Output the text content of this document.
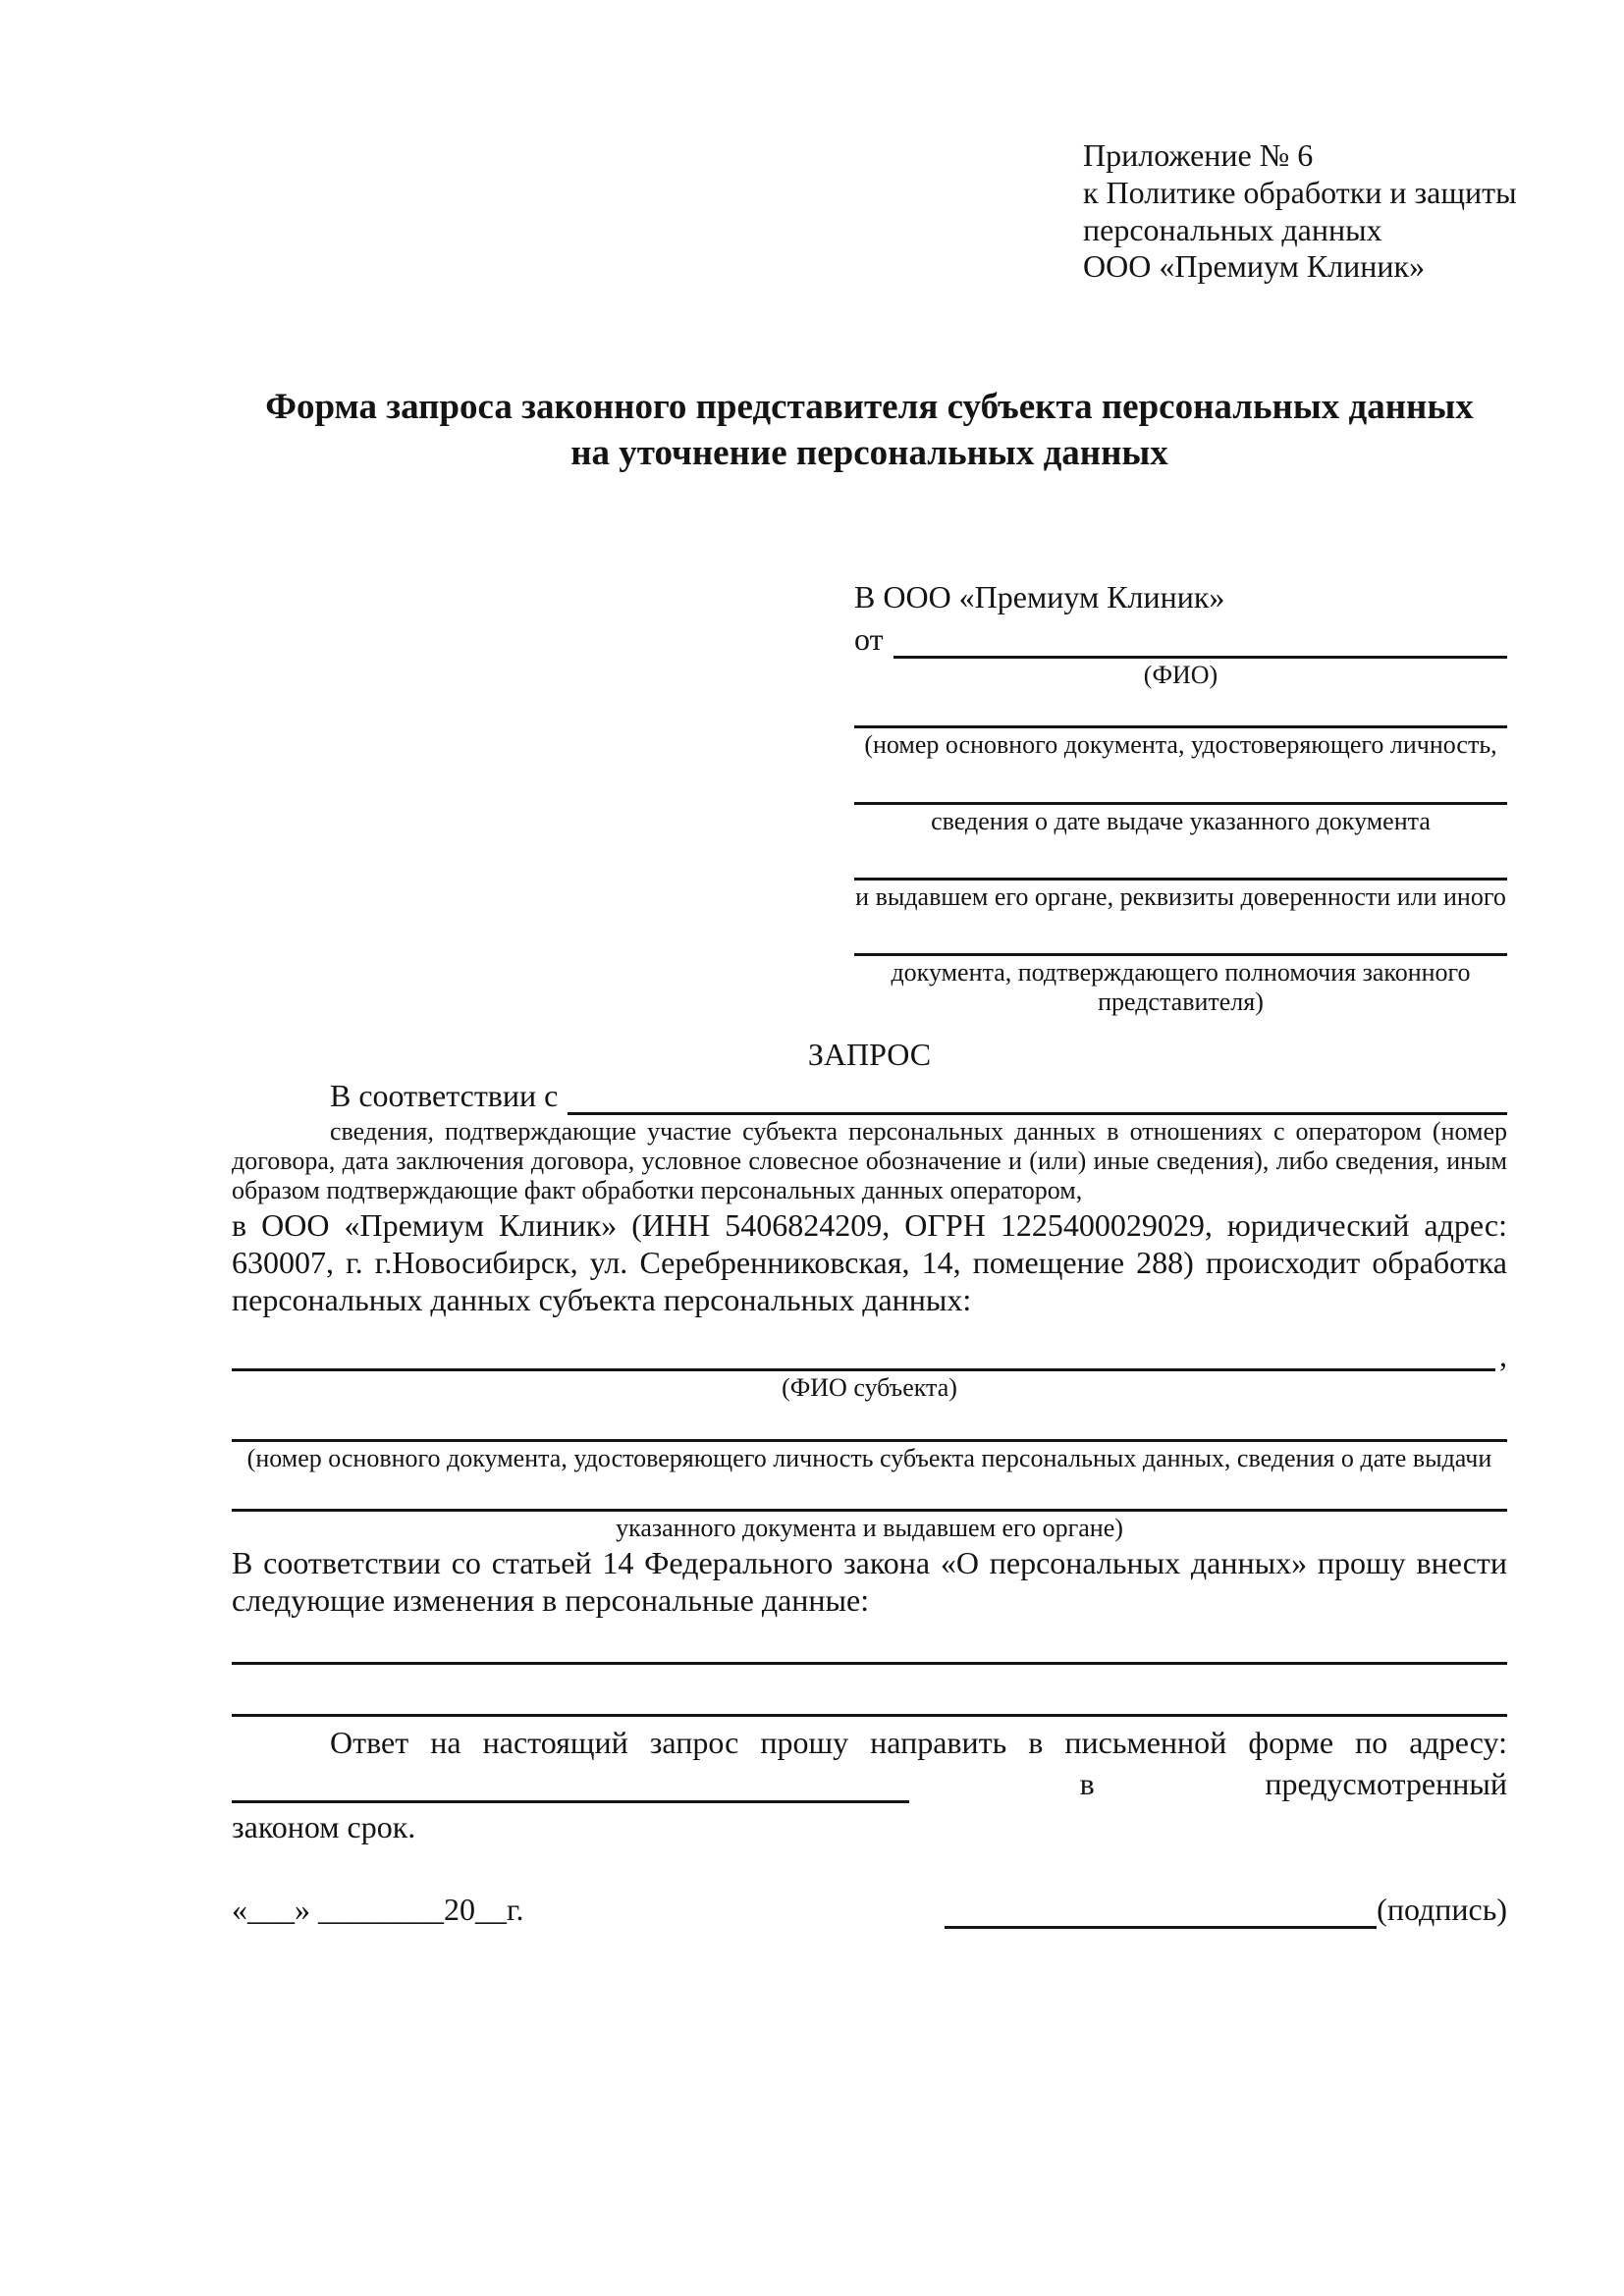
Приложение № 6
к Политике обработки и защиты
персональных данных
ООО «Премиум Клиник»
Форма запроса законного представителя субъекта персональных данных
на уточнение персональных данных
В ООО «Премиум Клиник»
от
(ФИО)
(номер основного документа, удостоверяющего личность,
сведения о дате выдаче указанного документа
и выдавшем его органе, реквизиты доверенности или иного
документа, подтверждающего полномочия законного представителя)
ЗАПРОС
В соответствии с

сведения, подтверждающие участие субъекта персональных данных в отношениях с оператором (номер договора, дата заключения договора, условное словесное обозначение и (или) иные сведения), либо сведения, иным образом подтверждающие факт обработки персональных данных оператором,

в ООО «Премиум Клиник» (ИНН 5406824209, ОГРН 1225400029029, юридический адрес: 630007, г. г.Новосибирск, ул. Серебренниковская, 14, помещение 288) происходит обработка персональных данных субъекта персональных данных:

,
(ФИО субъекта)
(номер основного документа, удостоверяющего личность субъекта персональных данных, сведения о дате выдачи
указанного документа и выдавшем его органе)

В соответствии со статьей 14 Федерального закона «О персональных данных» прошу внести следующие изменения в персональные данные:

Ответ на настоящий запрос прошу направить в письменной форме по адресу:
в	предусмотренный
законом срок.
«___» ________20__г.	(подпись)
